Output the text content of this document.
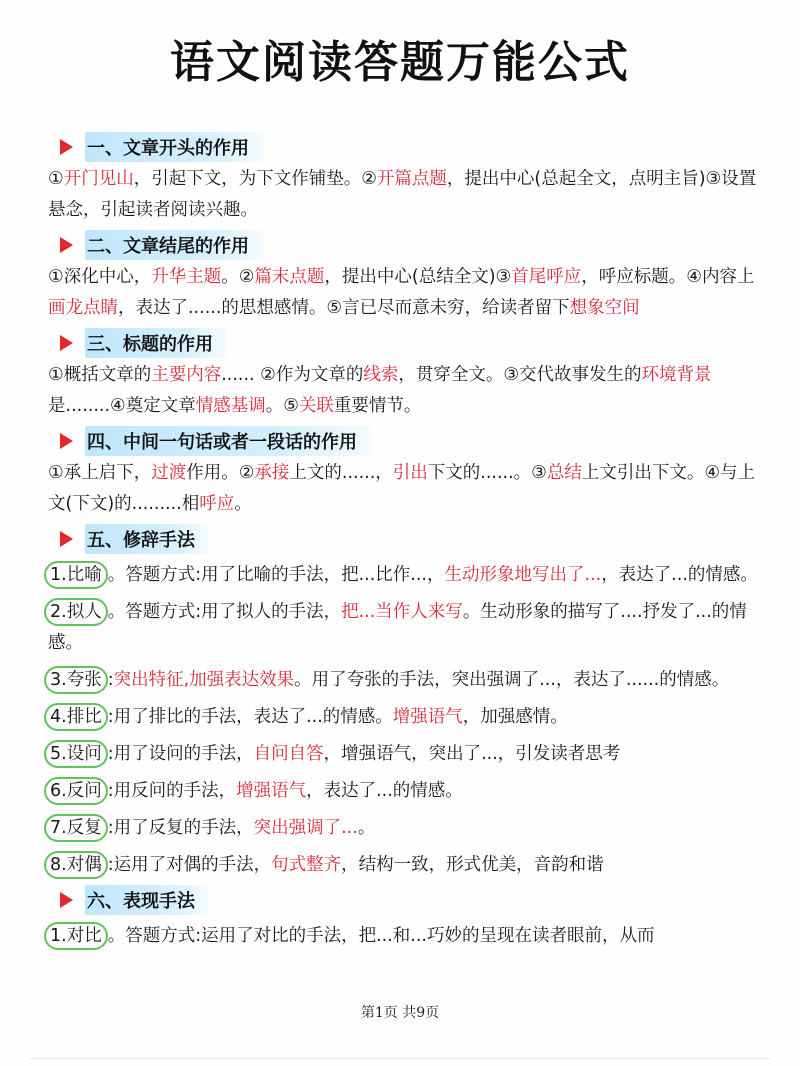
语文阅读答题万能公式
一、文章开头的作用
①开门见山，引起下文，为下文作铺垫。②开篇点题，提出中心(总起全文，点明主旨)③设置悬念，引起读者阅读兴趣。
二、文章结尾的作用
①深化中心，升华主题。②篇末点题，提出中心(总结全文)③首尾呼应，呼应标题。④内容上画龙点睛，表达了......的思想感情。⑤言已尽而意未穷，给读者留下想象空间
三、标题的作用
①概括文章的主要内容...... ②作为文章的线索，贯穿全文。③交代故事发生的环境背景是........④奠定文章情感基调。⑤关联重要情节。
四、中间一句话或者一段话的作用
①承上启下，过渡作用。②承接上文的......，引出下文的......。③总结上文引出下文。④与上文(下文)的.........相呼应。
五、修辞手法
1.比喻 。答题方式:用了比喻的手法，把...比作...，生动形象地写出了...，表达了...的情感。
2.拟人 。答题方式:用了拟人的手法，把...当作人来写。生动形象的描写了....抒发了...的情感。
3.夸张 :突出特征,加强表达效果。用了夸张的手法，突出强调了...，表达了......的情感。
4.排比 :用了排比的手法，表达了...的情感。增强语气，加强感情。
5.设问 :用了设问的手法，自问自答，增强语气，突出了...，引发读者思考
6.反问 :用反问的手法，增强语气，表达了...的情感。
7.反复 :用了反复的手法，突出强调了...。
8.对偶 :运用了对偶的手法，句式整齐，结构一致，形式优美，音韵和谐
六、表现手法
1.对比 。答题方式:运用了对比的手法，把...和...巧妙的呈现在读者眼前，从而
第1页 共9页
